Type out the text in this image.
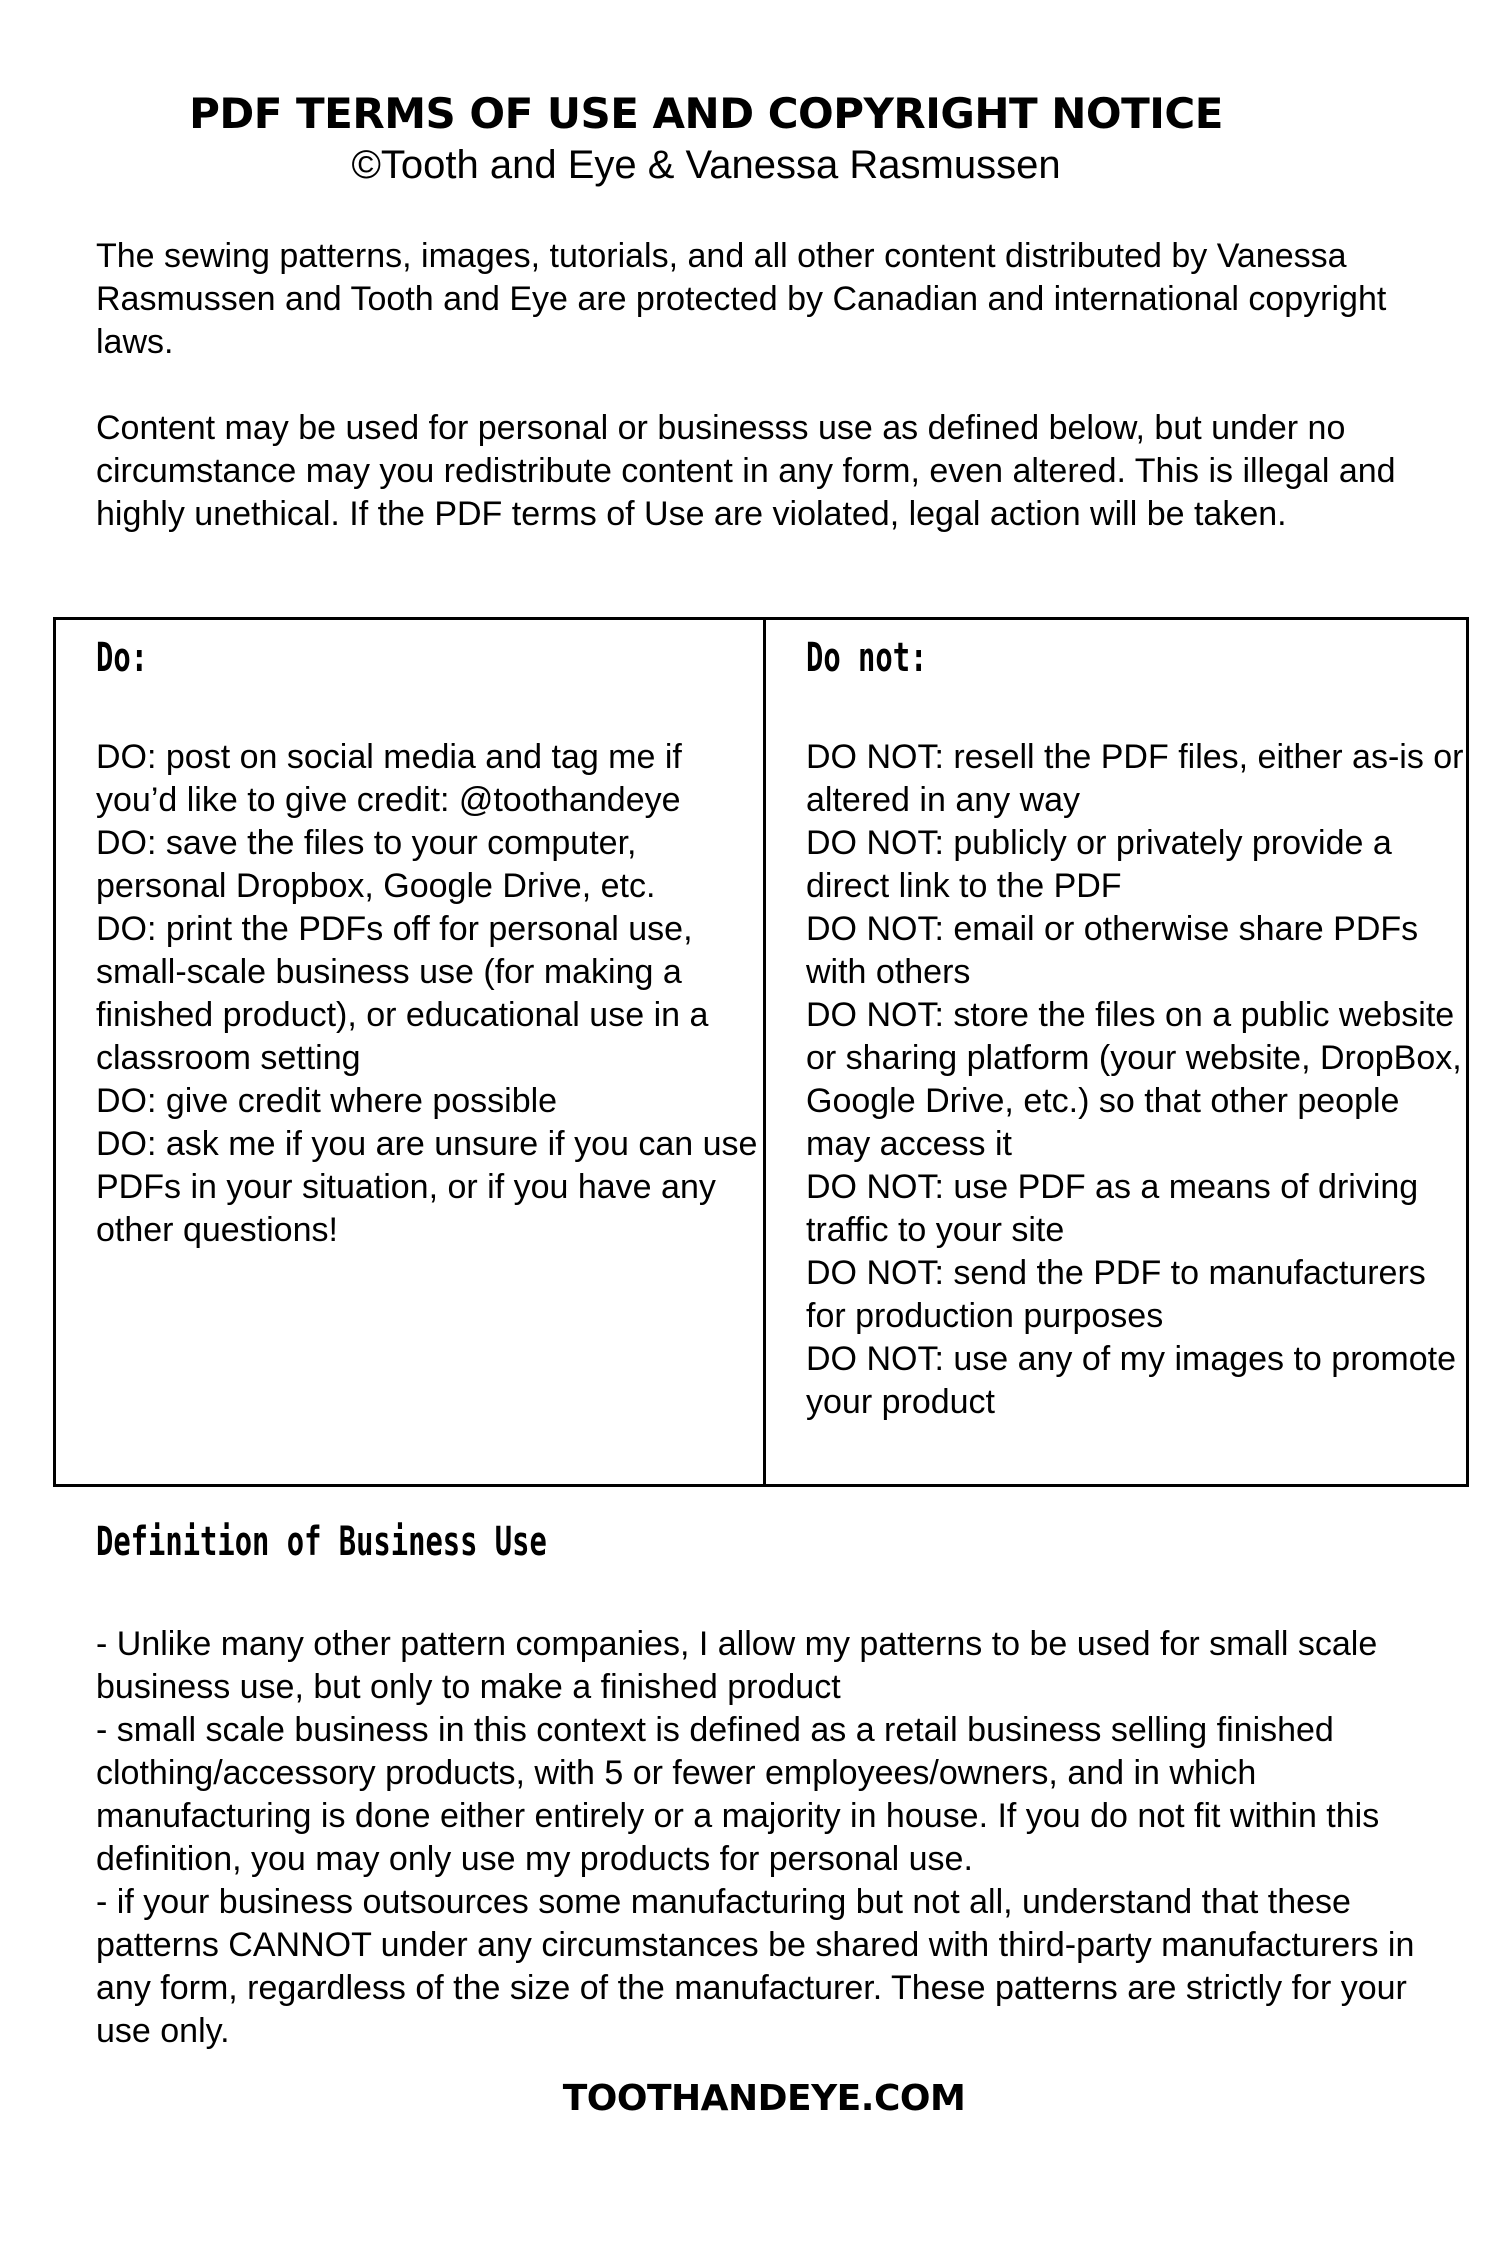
PDF TERMS OF USE AND COPYRIGHT NOTICE

©Tooth and Eye & Vanessa Rasmussen

The sewing patterns, images, tutorials, and all other content distributed by Vanessa Rasmussen and Tooth and Eye are protected by Canadian and international copyright laws.

Content may be used for personal or businesss use as defined below, but under no circumstance may you redistribute content in any form, even altered. This is illegal and highly unethical. If the PDF terms of Use are violated, legal action will be taken.

Do:
DO: post on social media and tag me if you’d like to give credit: @toothandeye
DO: save the files to your computer, personal Dropbox, Google Drive, etc.
DO: print the PDFs off for personal use, small-scale business use (for making a finished product), or educational use in a classroom setting
DO: give credit where possible
DO: ask me if you are unsure if you can use PDFs in your situation, or if you have any other questions!
Do not:
DO NOT: resell the PDF files, either as-is or altered in any way
DO NOT: publicly or privately provide a direct link to the PDF
DO NOT: email or otherwise share PDFs with others
DO NOT: store the files on a public website or sharing platform (your website, DropBox, Google Drive, etc.) so that other people may access it
DO NOT: use PDF as a means of driving traffic to your site
DO NOT: send the PDF to manufacturers for production purposes
DO NOT: use any of my images to promote your product
Definition of Business Use
- Unlike many other pattern companies, I allow my patterns to be used for small scale business use, but only to make a finished product
- small scale business in this context is defined as a retail business selling finished clothing/accessory products, with 5 or fewer employees/owners, and in which manufacturing is done either entirely or a majority in house. If you do not fit within this definition, you may only use my products for personal use.
- if your business outsources some manufacturing but not all, understand that these patterns CANNOT under any circumstances be shared with third-party manufacturers in any form, regardless of the size of the manufacturer. These patterns are strictly for your use only.

TOOTHANDEYE.COM
